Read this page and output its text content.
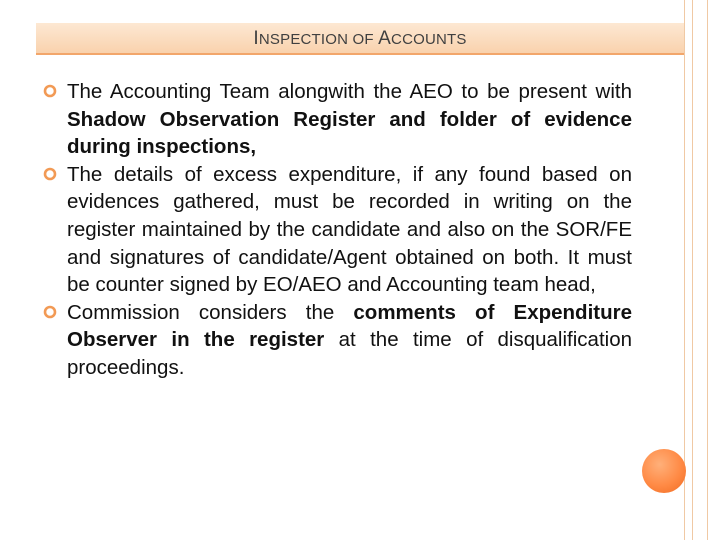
INSPECTION OF ACCOUNTS
The Accounting Team alongwith the AEO to be present with Shadow Observation Register and folder of evidence during inspections,
The details of excess expenditure, if any found based on evidences gathered, must be recorded in writing on the register maintained by the candidate and also on the SOR/FE and signatures of candidate/Agent obtained on both. It must be counter signed by EO/AEO and Accounting team head,
Commission considers the comments of Expenditure Observer in the register at the time of disqualification proceedings.
